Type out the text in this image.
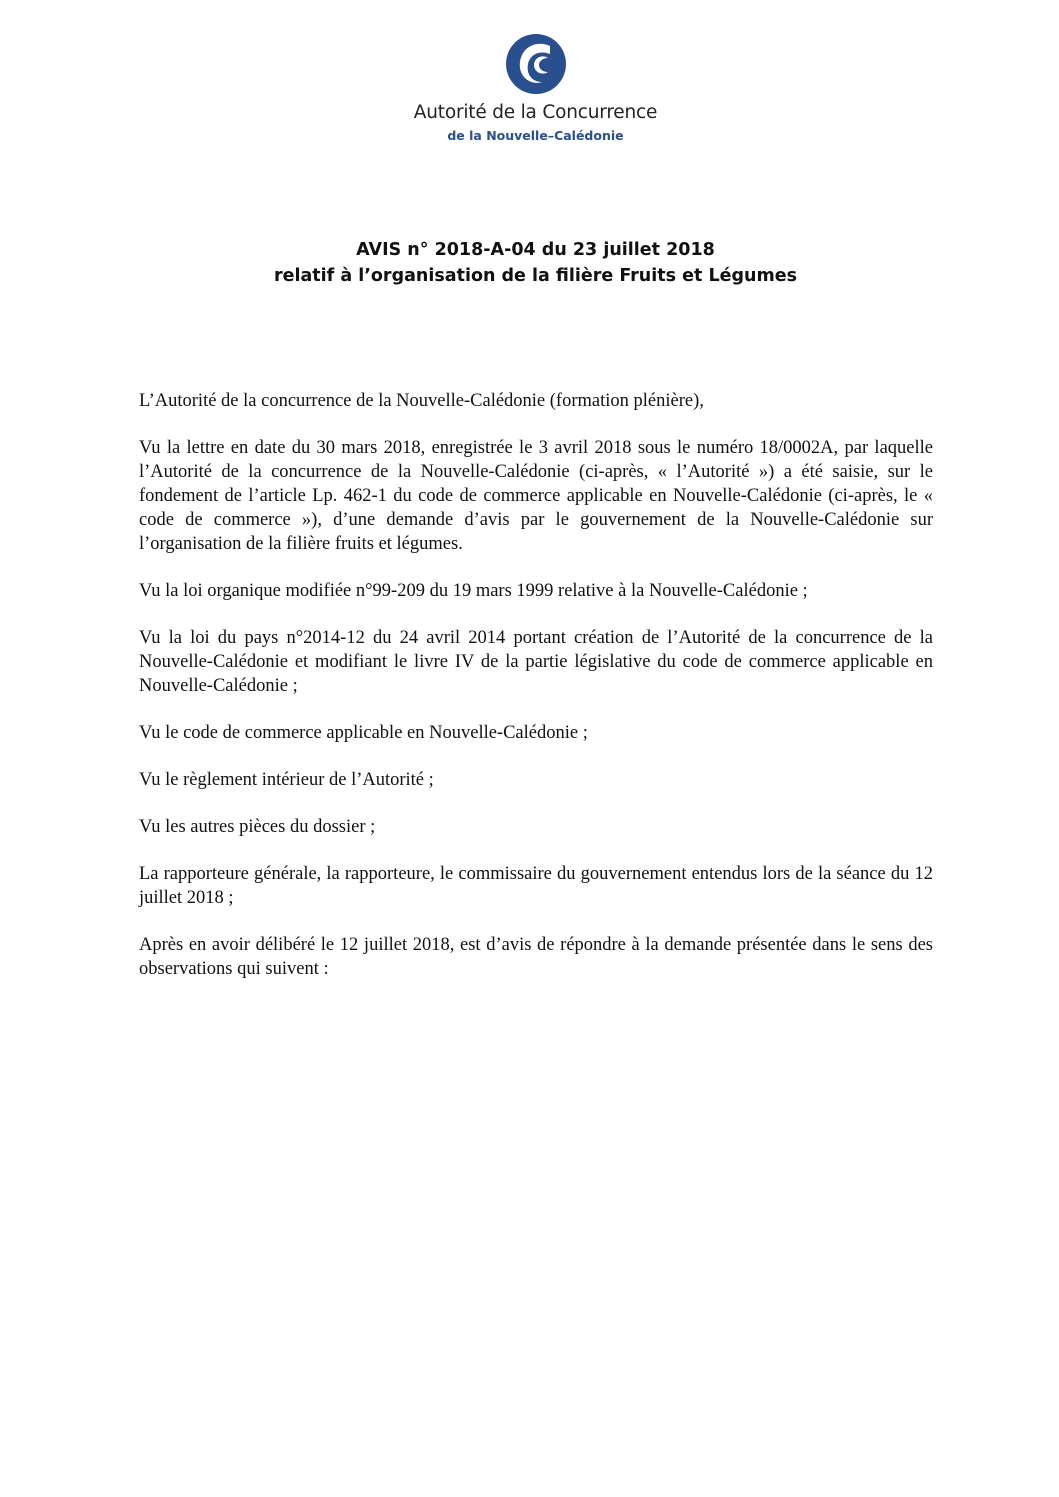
Autorité de la Concurrence
de la Nouvelle–Calédonie
AVIS n° 2018-A-04 du 23 juillet 2018
relatif à l’organisation de la filière Fruits et Légumes

L’Autorité de la concurrence de la Nouvelle-Calédonie (formation plénière),

Vu la lettre en date du 30 mars 2018, enregistrée le 3 avril 2018 sous le numéro 18/0002A, par laquelle l’Autorité de la concurrence de la Nouvelle-Calédonie (ci-après, « l’Autorité ») a été saisie, sur le fondement de l’article Lp. 462-1 du code de commerce applicable en Nouvelle-Calédonie (ci-après, le « code de commerce »), d’une demande d’avis par le gouvernement de la Nouvelle-Calédonie sur l’organisation de la filière fruits et légumes.

Vu la loi organique modifiée n°99-209 du 19 mars 1999 relative à la Nouvelle-Calédonie ;

Vu la loi du pays n°2014-12 du 24 avril 2014 portant création de l’Autorité de la concurrence de la Nouvelle-Calédonie et modifiant le livre IV de la partie législative du code de commerce applicable en Nouvelle-Calédonie ;

Vu le code de commerce applicable en Nouvelle-Calédonie ;

Vu le règlement intérieur de l’Autorité ;

Vu les autres pièces du dossier ;

La rapporteure générale, la rapporteure, le commissaire du gouvernement entendus lors de la séance du 12 juillet 2018 ;

Après en avoir délibéré le 12 juillet 2018, est d’avis de répondre à la demande présentée dans le sens des observations qui suivent :
